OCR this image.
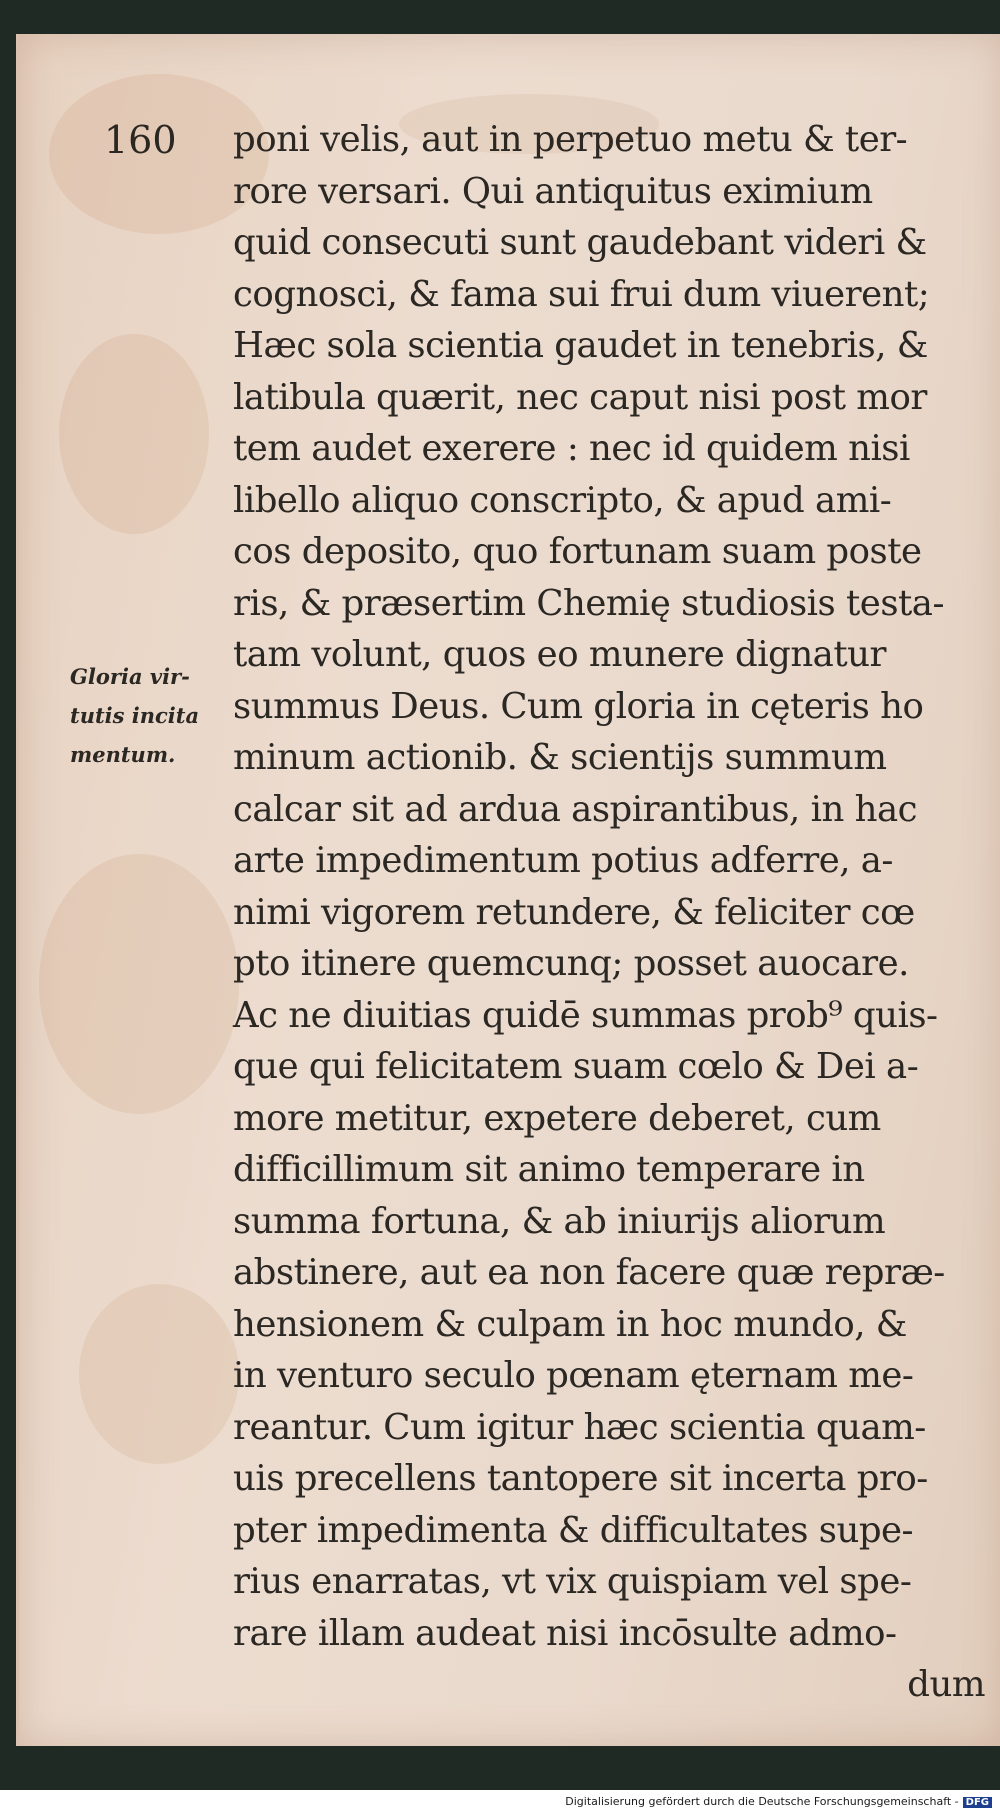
160 poni velis, aut in perpetuo metu & ter-
rore versari. Qui antiquitus eximium
quid consecuti sunt gaudebant videri &
cognosci, & fama sui frui dum viuerent;
Hæc sola scientia gaudet in tenebris, &
latibula quærit, nec caput nisi post mor
tem audet exerere : nec id quidem nisi
libello aliquo conscripto, & apud ami-
cos deposito, quo fortunam suam poste
ris, & præsertim Chemię studiosis testa-
tam volunt, quos eo munere dignatur
summus Deus. Cum gloria in cęteris ho
minum actionib. & scientijs summum
calcar sit ad ardua aspirantibus, in hac
arte impedimentum potius adferre, a-
nimi vigorem retundere, & feliciter cœ
pto itinere quemcunq; posset auocare.
Ac ne diuitias quidē summas prob⁹ quis-
que qui felicitatem suam cœlo & Dei a-
more metitur, expetere deberet, cum
difficillimum sit animo temperare in
summa fortuna, & ab iniurijs aliorum
abstinere, aut ea non facere quæ repræ-
hensionem & culpam in hoc mundo, &
in venturo seculo pœnam ęternam me-
reantur. Cum igitur hæc scientia quam-
uis precellens tantopere sit incerta pro-
pter impedimenta & difficultates supe-
rius enarratas, vt vix quispiam vel spe-
rare illam audeat nisi incōsulte admo-
dum
Gloria vir-
tutis incita
mentum.
Digitalisierung gefördert durch die Deutsche Forschungsgemeinschaft - DFG
